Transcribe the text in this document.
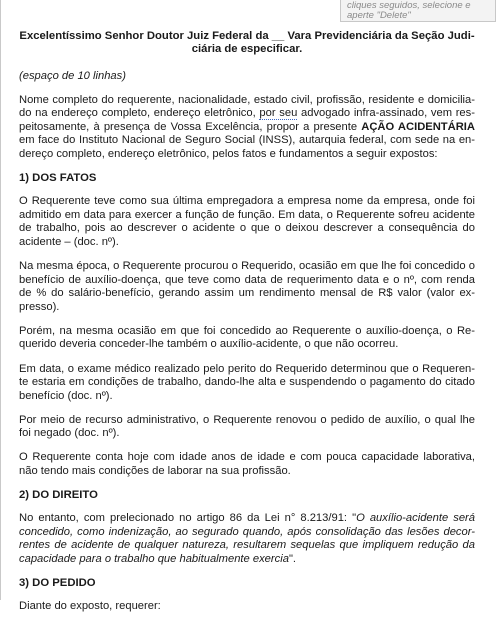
cliques seguidos, selecione e
aperte "Delete"
Excelentíssimo Senhor Doutor Juiz Federal da __ Vara Previdenciária da Seção Judi-
ciária de especificar.

(espaço de 10 linhas)

Nome completo do requerente, nacionalidade, estado civil, profissão, residente e domicilia-do na endereço completo, endereço eletrônico, por seu advogado infra-assinado, vem res-peitosamente, à presença de Vossa Excelência, propor a presente AÇÃO ACIDENTÁRIA em face do Instituto Nacional de Seguro Social (INSS), autarquia federal, com sede na en-dereço completo, endereço eletrônico, pelos fatos e fundamentos a seguir expostos:

1) DOS FATOS

O Requerente teve como sua última empregadora a empresa nome da empresa, onde foi admitido em data para exercer a função de função. Em data, o Requerente sofreu acidente de trabalho, pois ao descrever o acidente o que o deixou descrever a consequência do acidente – (doc. nº).

Na mesma época, o Requerente procurou o Requerido, ocasião em que lhe foi concedido o benefício de auxílio-doença, que teve como data de requerimento data e o nº, com renda de % do salário-benefício, gerando assim um rendimento mensal de R$ valor (valor ex-presso).

Porém, na mesma ocasião em que foi concedido ao Requerente o auxílio-doença, o Re-querido deveria conceder-lhe também o auxílio-acidente, o que não ocorreu.

Em data, o exame médico realizado pelo perito do Requerido determinou que o Requeren-te estaria em condições de trabalho, dando-lhe alta e suspendendo o pagamento do citado benefício (doc. nº).

Por meio de recurso administrativo, o Requerente renovou o pedido de auxílio, o qual lhe foi negado (doc. nº).

O Requerente conta hoje com idade anos de idade e com pouca capacidade laborativa, não tendo mais condições de laborar na sua profissão.

2) DO DIREITO

No entanto, com prelecionado no artigo 86 da Lei n° 8.213/91: "O auxílio-acidente será concedido, como indenização, ao segurado quando, após consolidação das lesões decor-rentes de acidente de qualquer natureza, resultarem sequelas que impliquem redução da capacidade para o trabalho que habitualmente exercia".

3) DO PEDIDO

Diante do exposto, requerer:
